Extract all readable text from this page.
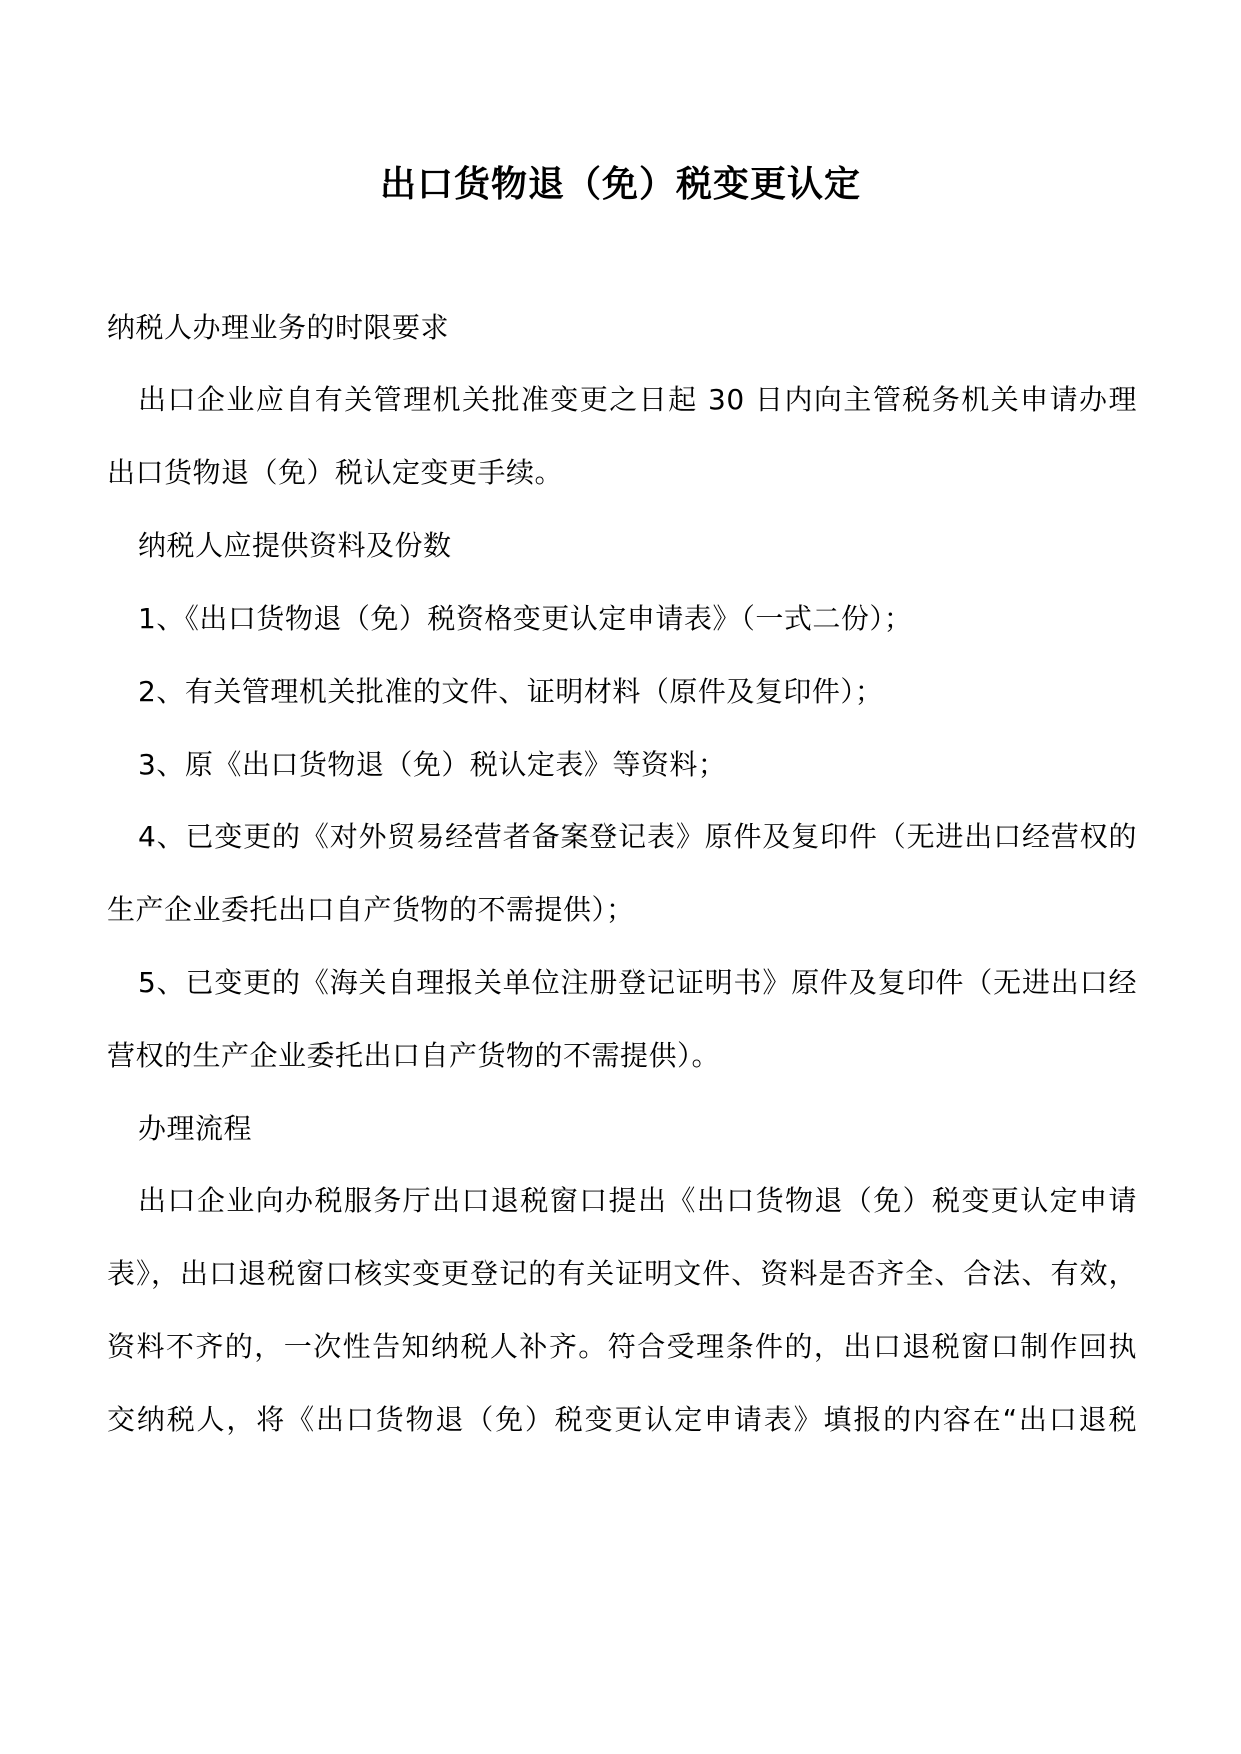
出口货物退（免）税变更认定
纳税人办理业务的时限要求
出口企业应自有关管理机关批准变更之日起 30 日内向主管税务机关申请办理
出口货物退（免）税认定变更手续。
纳税人应提供资料及份数
1、《出口货物退（免）税资格变更认定申请表》（一式二份）；
2、有关管理机关批准的文件、证明材料（原件及复印件）；
3、原《出口货物退（免）税认定表》等资料；
4、已变更的《对外贸易经营者备案登记表》原件及复印件（无进出口经营权的
生产企业委托出口自产货物的不需提供）；
5、已变更的《海关自理报关单位注册登记证明书》原件及复印件（无进出口经
营权的生产企业委托出口自产货物的不需提供）。
办理流程
出口企业向办税服务厅出口退税窗口提出《出口货物退（免）税变更认定申请
表》，出口退税窗口核实变更登记的有关证明文件、资料是否齐全、合法、有效，
资料不齐的，一次性告知纳税人补齐。符合受理条件的，出口退税窗口制作回执
交纳税人，将《出口货物退（免）税变更认定申请表》填报的内容在“出口退税
